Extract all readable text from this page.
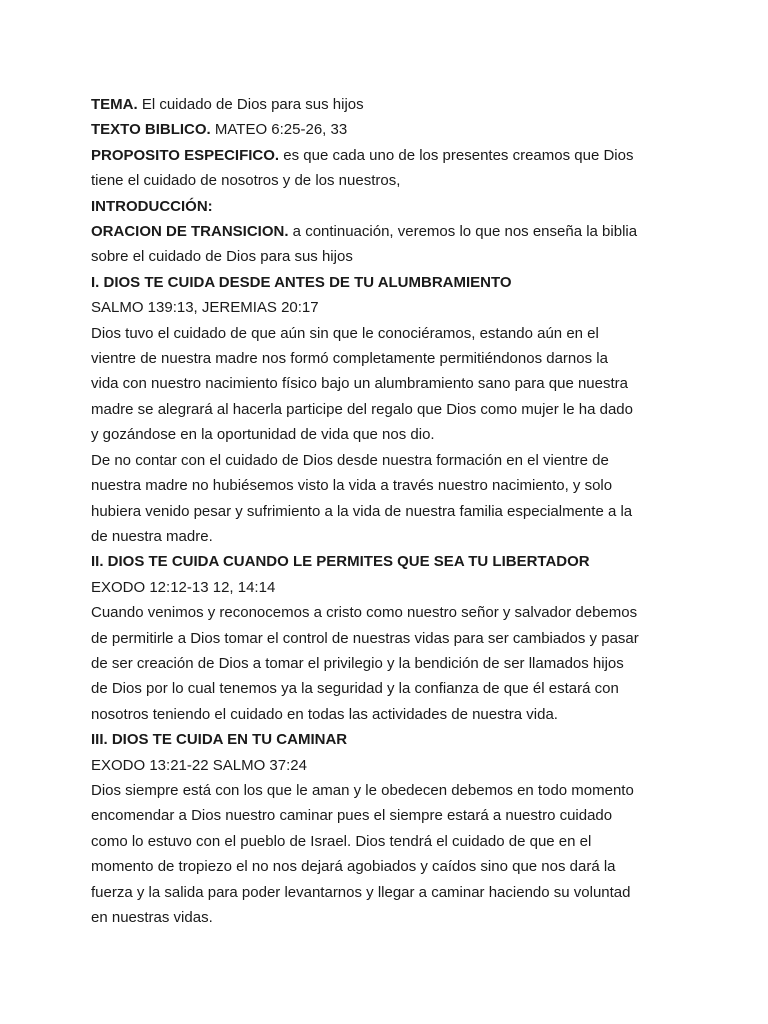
TEMA. El cuidado de Dios para sus hijos

TEXTO BIBLICO. MATEO 6:25-26, 33

PROPOSITO ESPECIFICO. es que cada uno de los presentes creamos que Dios

tiene el cuidado de nosotros y de los nuestros,

INTRODUCCIÓN:

ORACION DE TRANSICION. a continuación, veremos lo que nos enseña la biblia

sobre el cuidado de Dios para sus hijos

I. DIOS TE CUIDA DESDE ANTES DE TU ALUMBRAMIENTO

SALMO 139:13, JEREMIAS 20:17

Dios tuvo el cuidado de que aún sin que le conociéramos, estando aún en el

vientre de nuestra madre nos formó completamente permitiéndonos darnos la

vida con nuestro nacimiento físico bajo un alumbramiento sano para que nuestra

madre se alegrará al hacerla participe del regalo que Dios como mujer le ha dado

y gozándose en la oportunidad de vida que nos dio.

De no contar con el cuidado de Dios desde nuestra formación en el vientre de

nuestra madre no hubiésemos visto la vida a través nuestro nacimiento, y solo

hubiera venido pesar y sufrimiento a la vida de nuestra familia especialmente a la

de nuestra madre.

II. DIOS TE CUIDA CUANDO LE PERMITES QUE SEA TU LIBERTADOR

EXODO 12:12-13 12, 14:14

Cuando venimos y reconocemos a cristo como nuestro señor y salvador debemos

de permitirle a Dios tomar el control de nuestras vidas para ser cambiados y pasar

de ser creación de Dios a tomar el privilegio y la bendición de ser llamados hijos

de Dios por lo cual tenemos ya la seguridad y la confianza de que él estará con

nosotros teniendo el cuidado en todas las actividades de nuestra vida.

III. DIOS TE CUIDA EN TU CAMINAR

EXODO 13:21-22 SALMO 37:24

Dios siempre está con los que le aman y le obedecen debemos en todo momento

encomendar a Dios nuestro caminar pues el siempre estará a nuestro cuidado

como lo estuvo con el pueblo de Israel. Dios tendrá el cuidado de que en el

momento de tropiezo el no nos dejará agobiados y caídos sino que nos dará la

fuerza y la salida para poder levantarnos y llegar a caminar haciendo su voluntad

en nuestras vidas.
